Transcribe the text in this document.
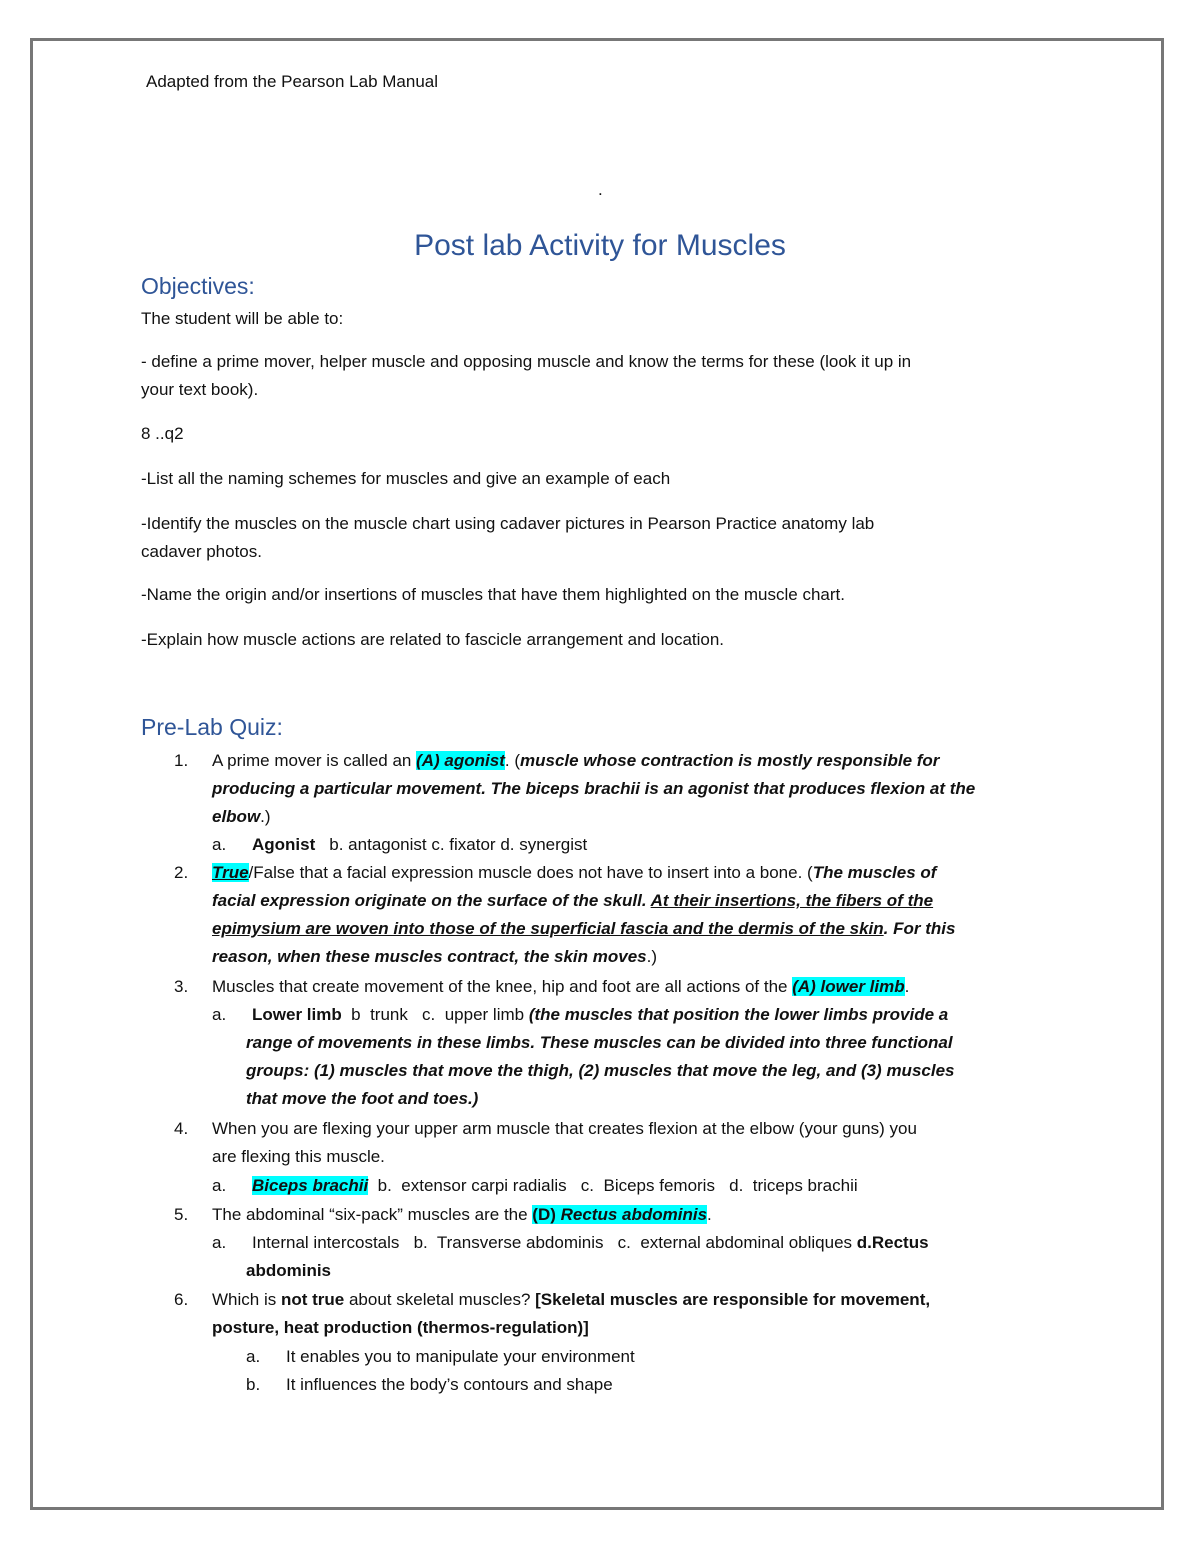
Adapted from the Pearson Lab Manual
.
Post lab Activity for Muscles
Objectives:
The student will be able to:
- define a prime mover, helper muscle and opposing muscle and know the terms for these (look it up in
your text book).
8 ..q2
-List all the naming schemes for muscles and give an example of each
-Identify the muscles on the muscle chart using cadaver pictures in Pearson Practice anatomy lab
cadaver photos.
-Name the origin and/or insertions of muscles that have them highlighted on the muscle chart.
-Explain how muscle actions are related to fascicle arrangement and location.
Pre-Lab Quiz:
1. A prime mover is called an (A) agonist. (muscle whose contraction is mostly responsible for
producing a particular movement. The biceps brachii is an agonist that produces flexion at the
elbow.)
a. Agonist b. antagonist c. fixator d. synergist
2. True/False that a facial expression muscle does not have to insert into a bone. (The muscles of
facial expression originate on the surface of the skull. At their insertions, the fibers of the
epimysium are woven into those of the superficial fascia and the dermis of the skin. For this
reason, when these muscles contract, the skin moves.)
3. Muscles that create movement of the knee, hip and foot are all actions of the (A) lower limb.
a. Lower limb  b  trunk   c.  upper limb (the muscles that position the lower limbs provide a
range of movements in these limbs. These muscles can be divided into three functional
groups: (1) muscles that move the thigh, (2) muscles that move the leg, and (3) muscles
that move the foot and toes.)
4. When you are flexing your upper arm muscle that creates flexion at the elbow (your guns) you
are flexing this muscle.
a. Biceps brachii  b.  extensor carpi radialis   c.  Biceps femoris   d.  triceps brachii
5. The abdominal “six-pack” muscles are the (D) Rectus abdominis.
a. Internal intercostals   b.  Transverse abdominis   c.  external abdominal obliques d.Rectus
abdominis
6. Which is not true about skeletal muscles? [Skeletal muscles are responsible for movement,
posture, heat production (thermos-regulation)]
a. It enables you to manipulate your environment
b. It influences the body’s contours and shape
